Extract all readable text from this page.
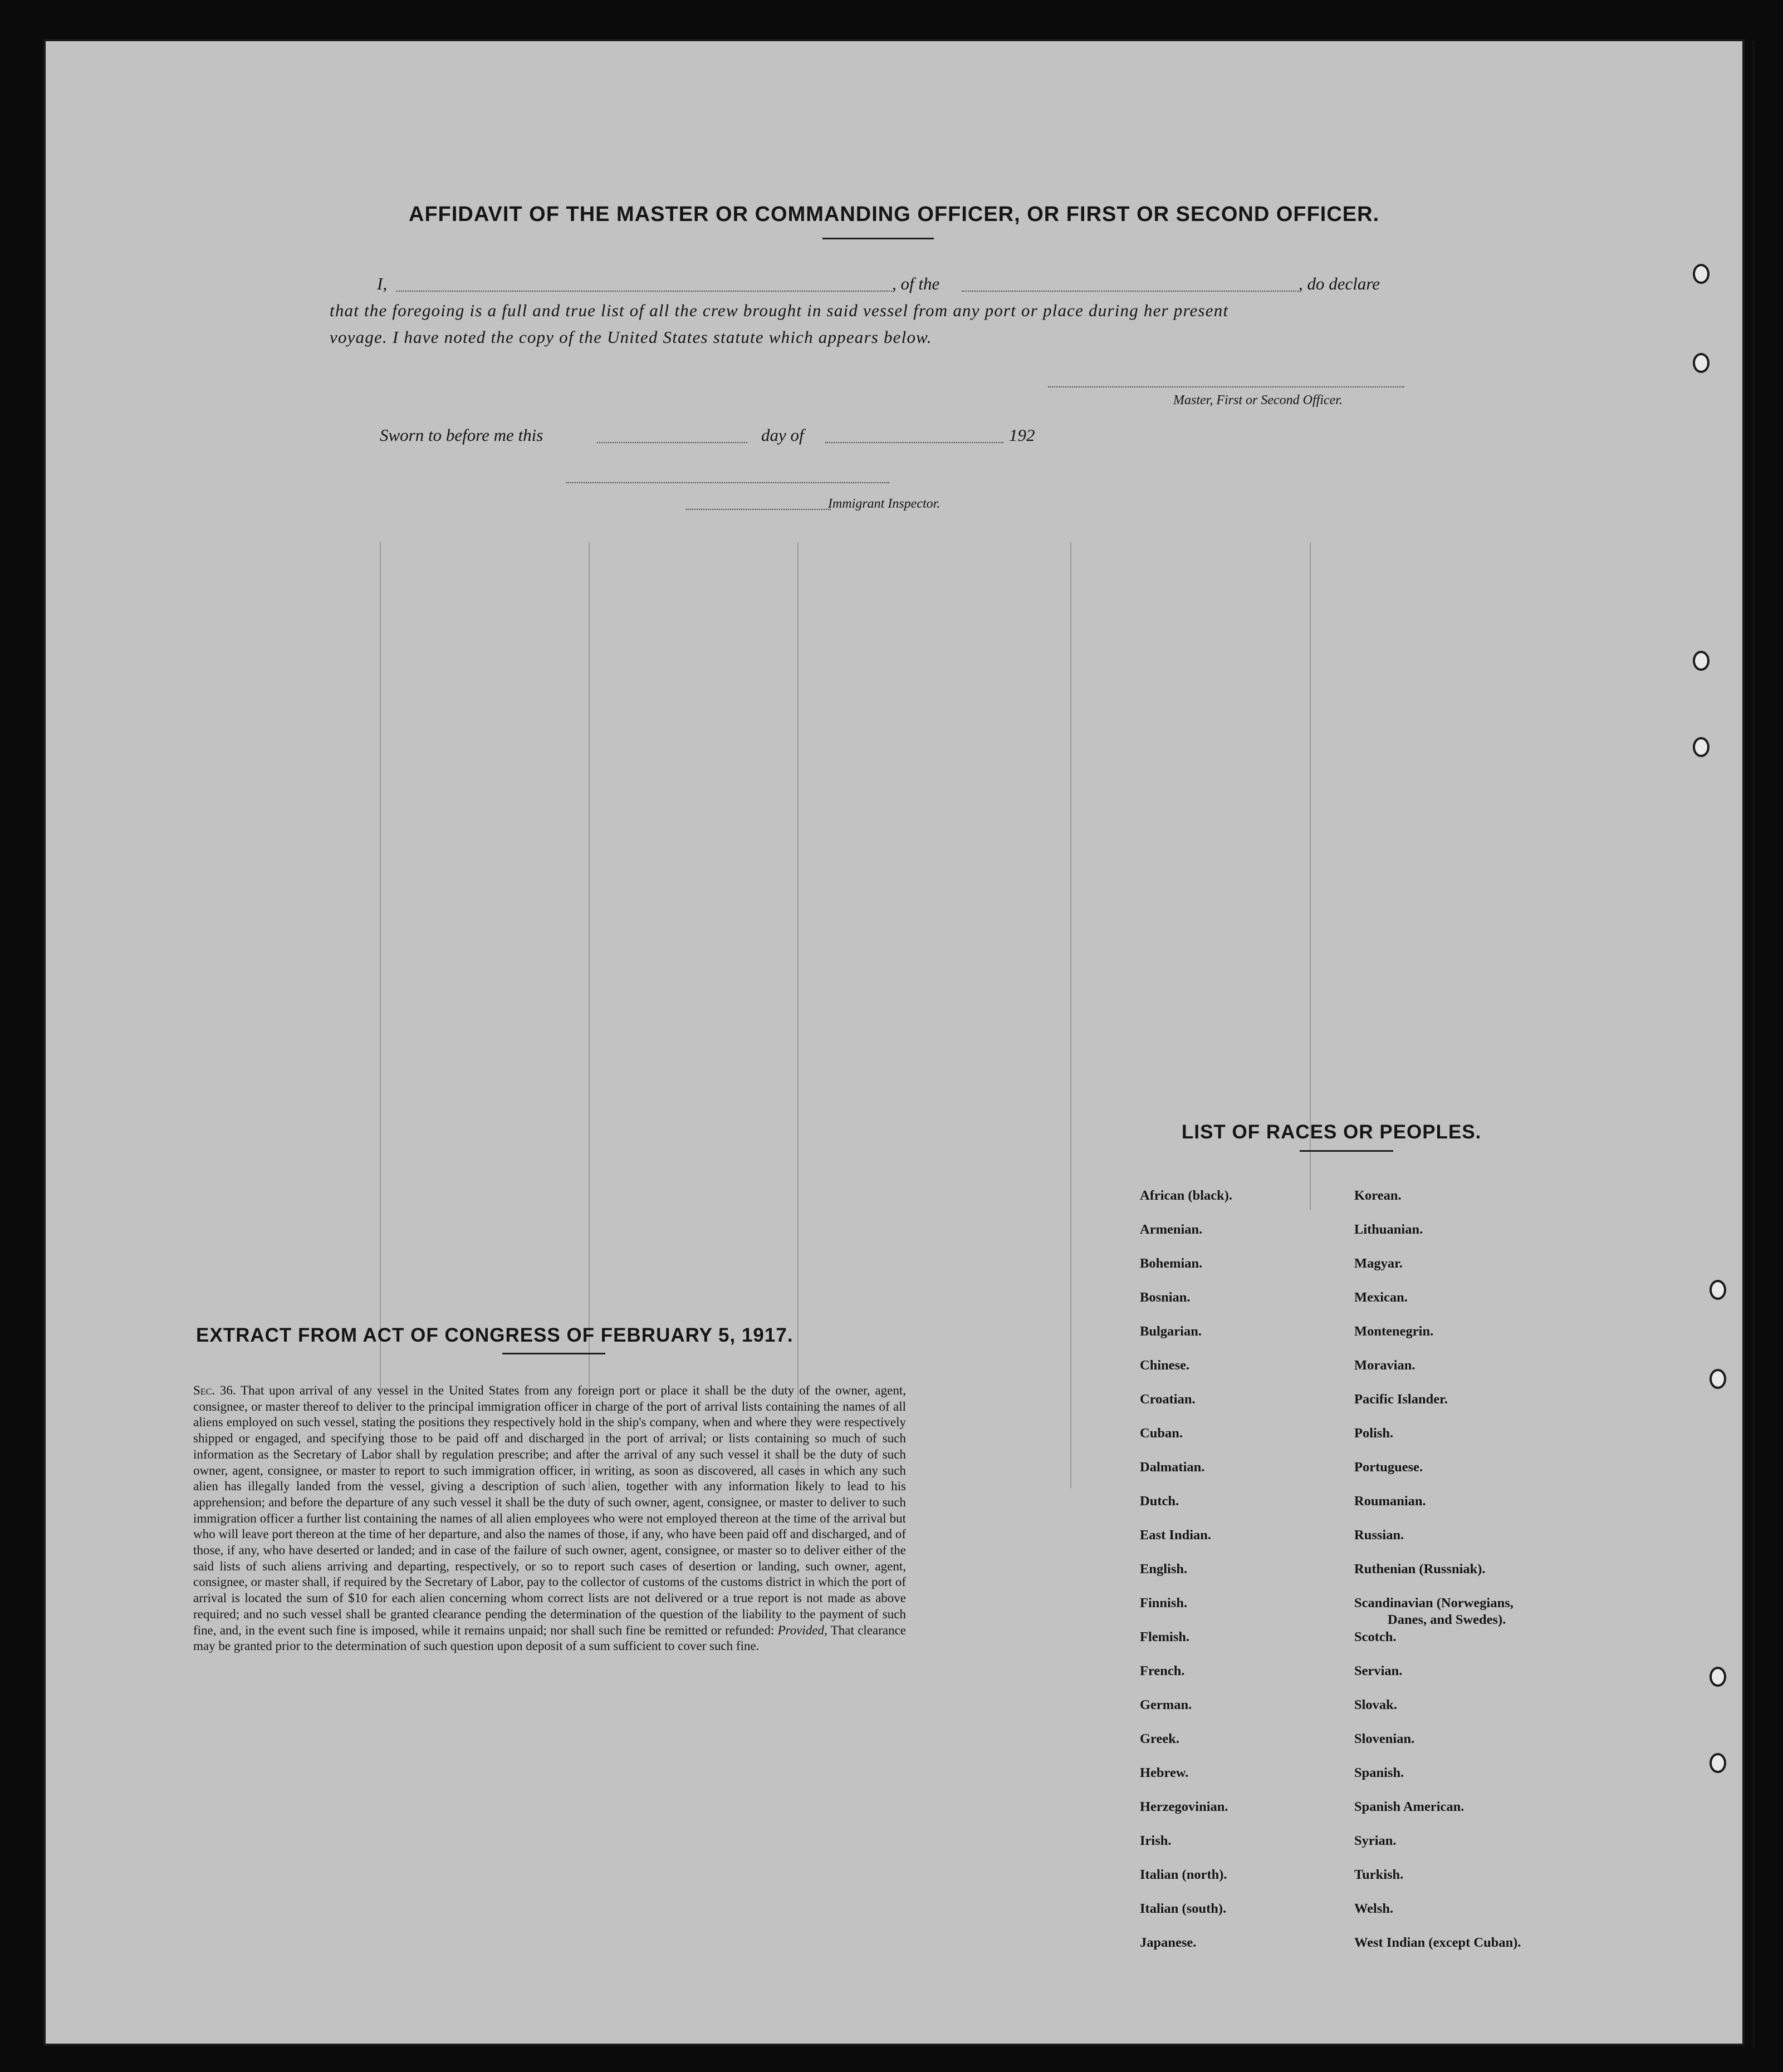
AFFIDAVIT OF THE MASTER OR COMMANDING OFFICER, OR FIRST OR SECOND OFFICER.
I,	, of the	, do declare
that the foregoing is a full and true list of all the crew brought in said vessel from any port or place during her present
voyage. I have noted the copy of the United States statute which appears below.
Master, First or Second Officer.
Sworn to before me this	day of	192
Immigrant Inspector.
EXTRACT FROM ACT OF CONGRESS OF FEBRUARY 5, 1917.

Sec. 36. That upon arrival of any vessel in the United States from any foreign port or place it shall be the duty of the owner, agent, consignee, or master thereof to deliver to the principal immigration officer in charge of the port of arrival lists containing the names of all aliens employed on such vessel, stating the positions they respectively hold in the ship's company, when and where they were respectively shipped or engaged, and specifying those to be paid off and discharged in the port of arrival; or lists containing so much of such information as the Secretary of Labor shall by regulation prescribe; and after the arrival of any such vessel it shall be the duty of such owner, agent, consignee, or master to report to such immigration officer, in writing, as soon as discovered, all cases in which any such alien has illegally landed from the vessel, giving a description of such alien, together with any information likely to lead to his apprehension; and before the departure of any such vessel it shall be the duty of such owner, agent, consignee, or master to deliver to such immigration officer a further list containing the names of all alien employees who were not employed thereon at the time of the arrival but who will leave port thereon at the time of her departure, and also the names of those, if any, who have been paid off and discharged, and of those, if any, who have deserted or landed; and in case of the failure of such owner, agent, consignee, or master so to deliver either of the said lists of such aliens arriving and departing, respectively, or so to report such cases of desertion or landing, such owner, agent, consignee, or master shall, if required by the Secretary of Labor, pay to the collector of customs of the customs district in which the port of arrival is located the sum of $10 for each alien concerning whom correct lists are not delivered or a true report is not made as above required; and no such vessel shall be granted clearance pending the determination of the question of the liability to the payment of such fine, and, in the event such fine is imposed, while it remains unpaid; nor shall such fine be remitted or refunded: Provided, That clearance may be granted prior to the determination of such question upon deposit of a sum sufficient to cover such fine.

LIST OF RACES OR PEOPLES.
African (black).
Armenian.
Bohemian.
Bosnian.
Bulgarian.
Chinese.
Croatian.
Cuban.
Dalmatian.
Dutch.
East Indian.
English.
Finnish.
Flemish.
French.
German.
Greek.
Hebrew.
Herzegovinian.
Irish.
Italian (north).
Italian (south).
Japanese.
Korean.
Lithuanian.
Magyar.
Mexican.
Montenegrin.
Moravian.
Pacific Islander.
Polish.
Portuguese.
Roumanian.
Russian.
Ruthenian (Russniak).
Scandinavian (Norwegians,
Danes, and Swedes).
Scotch.
Servian.
Slovak.
Slovenian.
Spanish.
Spanish American.
Syrian.
Turkish.
Welsh.
West Indian (except Cuban).
